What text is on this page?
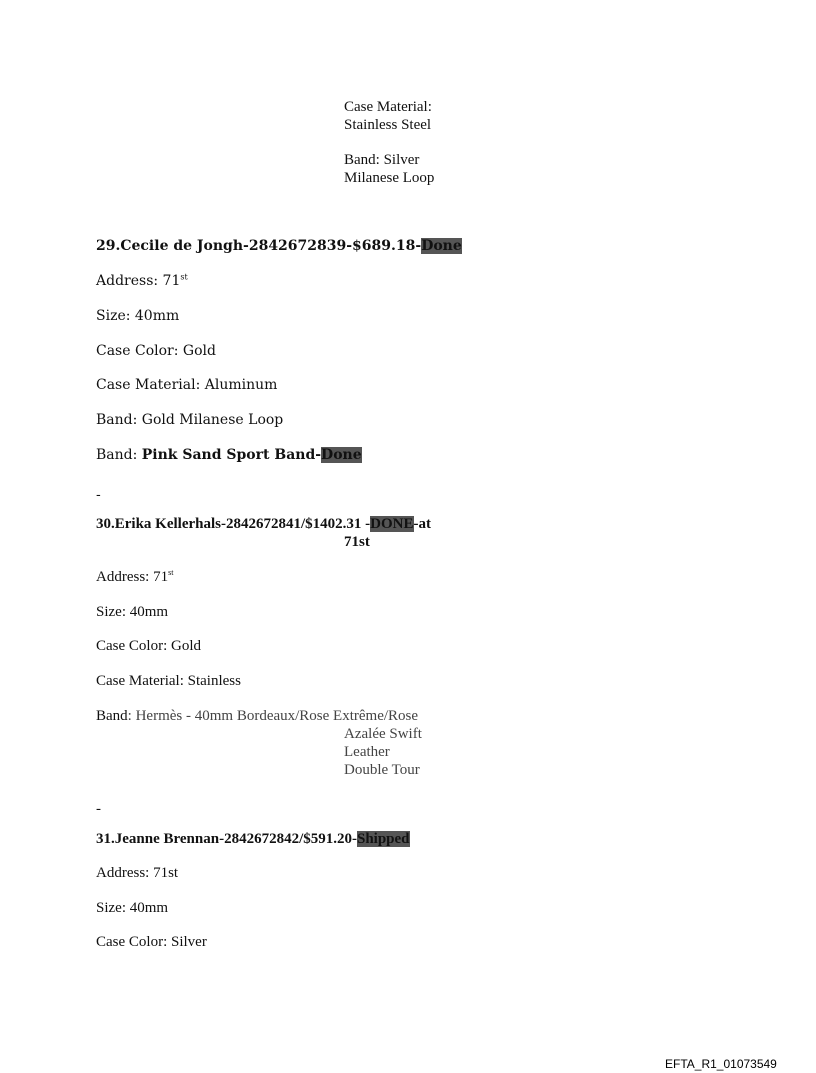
Case Material:
Stainless Steel
Band: Silver
Milanese Loop
29.Cecile de Jongh-2842672839-$689.18-Done
Address: 71st
Size: 40mm
Case Color: Gold
Case Material: Aluminum
Band: Gold Milanese Loop
Band: Pink Sand Sport Band-Done
-
30.Erika Kellerhals-2842672841/$1402.31 -DONE-at
71st
Address: 71st
Size: 40mm
Case Color: Gold
Case Material: Stainless
Band: Hermès - 40mm Bordeaux/Rose Extrême/Rose
Azalée Swift
Leather
Double Tour
-
31.Jeanne Brennan-2842672842/$591.20-Shipped
Address: 71st
Size: 40mm
Case Color: Silver
EFTA_R1_01073549
